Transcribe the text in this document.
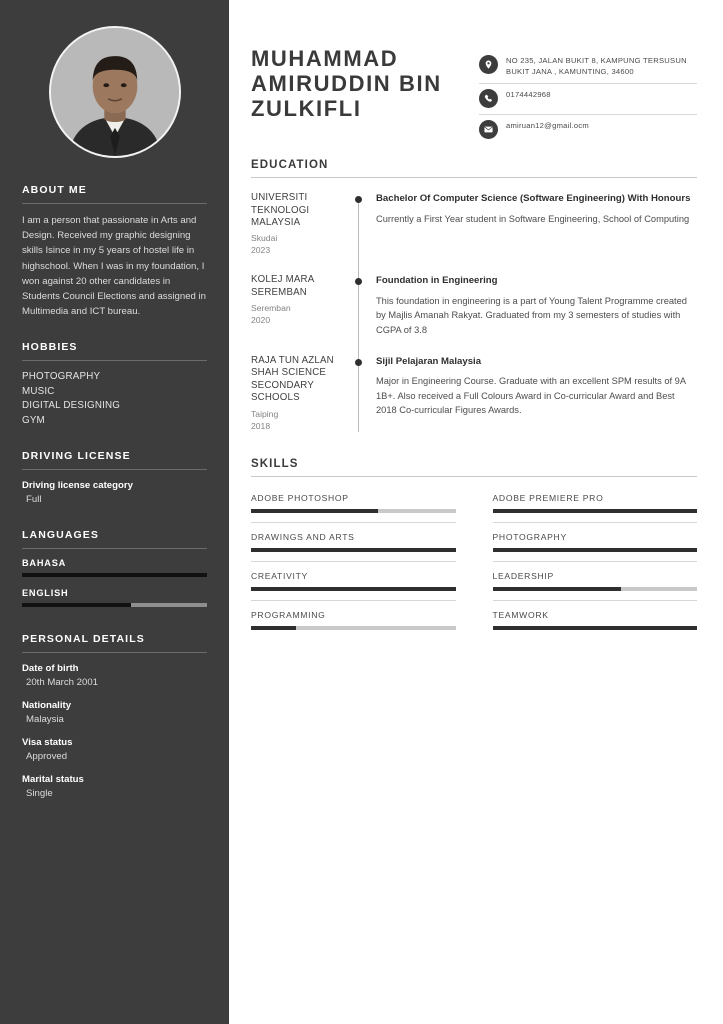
ABOUT ME

I am a person that passionate in Arts and Design. Received my graphic designing skills Isince in my 5 years of hostel life in highschool. When I was in my foundation, I won against 20 other candidates in Students Council Elections and assigned in Multimedia and ICT bureau.

HOBBIES
PHOTOGRAPHY
MUSIC
DIGITAL DESIGNING
GYM
DRIVING LICENSE
Driving license category
Full
LANGUAGES
BAHASA
ENGLISH
PERSONAL DETAILS
Date of birth
20th March 2001
Nationality
Malaysia
Visa status
Approved
Marital status
Single
MUHAMMAD AMIRUDDIN BIN ZULKIFLI
NO 235, JALAN BUKIT 8, KAMPUNG TERSUSUN BUKIT JANA , KAMUNTING, 34600
0174442968
amiruan12@gmail.ocm
EDUCATION
UNIVERSITI TEKNOLOGI MALAYSIA
Skudai
2023
Bachelor Of Computer Science (Software Engineering) With Honours
Currently a First Year student in Software Engineering, School of Computing
KOLEJ MARA SEREMBAN
Seremban
2020
Foundation in Engineering
This foundation in engineering is a part of Young Talent Programme created by Majlis Amanah Rakyat. Graduated from my 3 semesters of studies with CGPA of 3.8
RAJA TUN AZLAN SHAH SCIENCE SECONDARY SCHOOLS
Taiping
2018
Sijil Pelajaran Malaysia
Major in Engineering Course. Graduate with an excellent SPM results of 9A 1B+. Also received a Full Colours Award in Co-curricular Award and Best 2018 Co-curricular Figures Awards.
SKILLS
ADOBE PHOTOSHOP	ADOBE PREMIERE PRO
DRAWINGS AND ARTS	PHOTOGRAPHY
CREATIVITY	LEADERSHIP
PROGRAMMING	TEAMWORK
